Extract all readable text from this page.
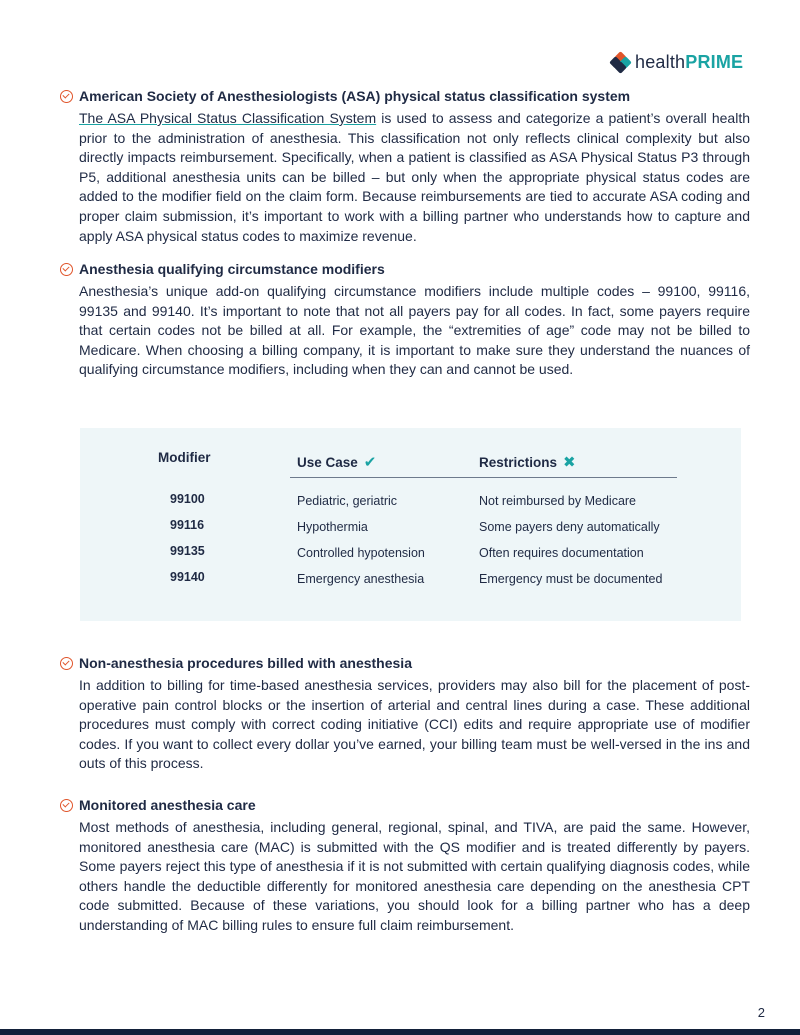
healthPRIME
American Society of Anesthesiologists (ASA) physical status classification system
The ASA Physical Status Classification System is used to assess and categorize a patient’s overall health prior to the administration of anesthesia. This classification not only reflects clinical complexity but also directly impacts reimbursement. Specifically, when a patient is classified as ASA Physical Status P3 through P5, additional anesthesia units can be billed – but only when the appropriate physical status codes are added to the modifier field on the claim form. Because reimbursements are tied to accurate ASA coding and proper claim submission, it’s important to work with a billing partner who understands how to capture and apply ASA physical status codes to maximize revenue.
Anesthesia qualifying circumstance modifiers
Anesthesia’s unique add-on qualifying circumstance modifiers include multiple codes – 99100, 99116, 99135 and 99140. It’s important to note that not all payers pay for all codes. In fact, some payers require that certain codes not be billed at all. For example, the “extremities of age” code may not be billed to Medicare. When choosing a billing company, it is important to make sure they understand the nuances of qualifying circumstance modifiers, including when they can and cannot be used.
Modifier	Use Case ✔	Restrictions ✖
99100	Pediatric, geriatric	Not reimbursed by Medicare
99116	Hypothermia	Some payers deny automatically
99135	Controlled hypotension	Often requires documentation
99140	Emergency anesthesia	Emergency must be documented
Non-anesthesia procedures billed with anesthesia
In addition to billing for time-based anesthesia services, providers may also bill for the placement of post-operative pain control blocks or the insertion of arterial and central lines during a case. These additional procedures must comply with correct coding initiative (CCI) edits and require appropriate use of modifier codes. If you want to collect every dollar you’ve earned, your billing team must be well-versed in the ins and outs of this process.
Monitored anesthesia care
Most methods of anesthesia, including general, regional, spinal, and TIVA, are paid the same. However, monitored anesthesia care (MAC) is submitted with the QS modifier and is treated differently by payers. Some payers reject this type of anesthesia if it is not submitted with certain qualifying diagnosis codes, while others handle the deductible differently for monitored anesthesia care depending on the anesthesia CPT code submitted. Because of these variations, you should look for a billing partner who has a deep understanding of MAC billing rules to ensure full claim reimbursement.
2
